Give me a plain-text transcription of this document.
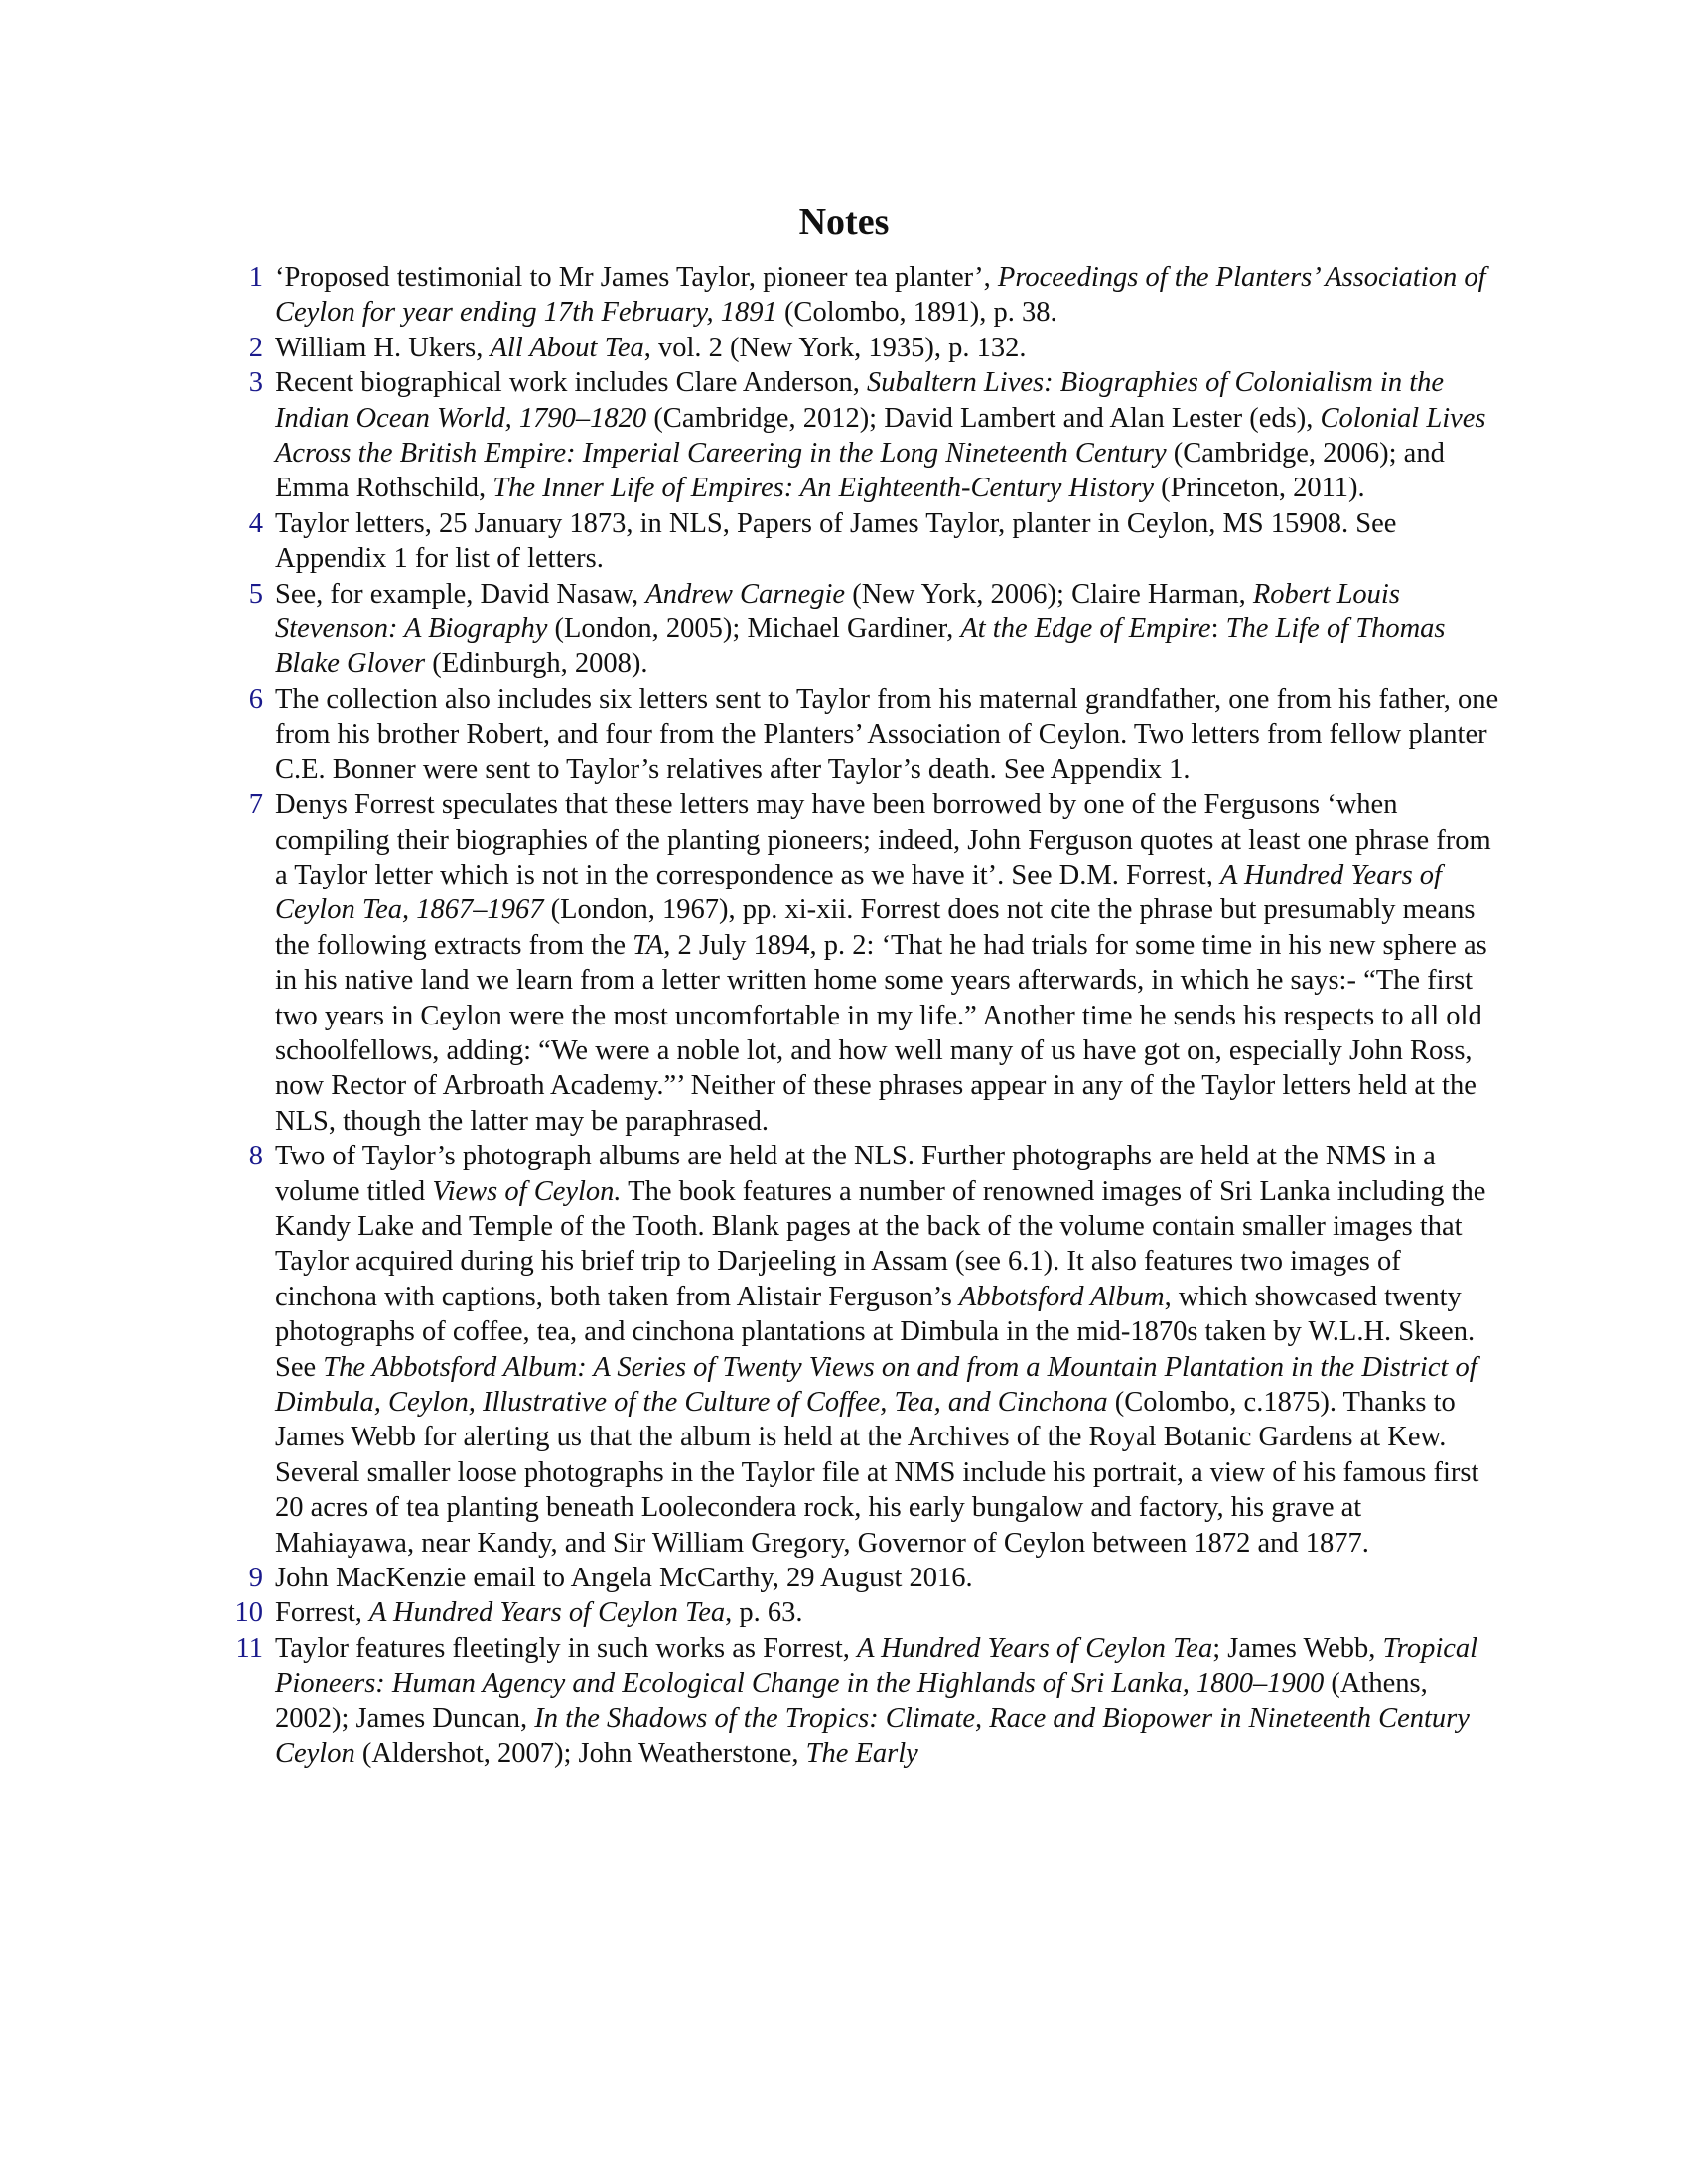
Notes
1 ‘Proposed testimonial to Mr James Taylor, pioneer tea planter’, Proceedings of the Planters’ Association of Ceylon for year ending 17th February, 1891 (Colombo, 1891), p. 38.
2 William H. Ukers, All About Tea, vol. 2 (New York, 1935), p. 132.
3 Recent biographical work includes Clare Anderson, Subaltern Lives: Biographies of Colonialism in the Indian Ocean World, 1790–1820 (Cambridge, 2012); David Lambert and Alan Lester (eds), Colonial Lives Across the British Empire: Imperial Careering in the Long Nineteenth Century (Cambridge, 2006); and Emma Rothschild, The Inner Life of Empires: An Eighteenth-Century History (Princeton, 2011).
4 Taylor letters, 25 January 1873, in NLS, Papers of James Taylor, planter in Ceylon, MS 15908. See Appendix 1 for list of letters.
5 See, for example, David Nasaw, Andrew Carnegie (New York, 2006); Claire Harman, Robert Louis Stevenson: A Biography (London, 2005); Michael Gardiner, At the Edge of Empire: The Life of Thomas Blake Glover (Edinburgh, 2008).
6 The collection also includes six letters sent to Taylor from his maternal grandfather, one from his father, one from his brother Robert, and four from the Planters’ Association of Ceylon. Two letters from fellow planter C.E. Bonner were sent to Taylor’s relatives after Taylor’s death. See Appendix 1.
7 Denys Forrest speculates that these letters may have been borrowed by one of the Fergusons ‘when compiling their biographies of the planting pioneers; indeed, John Ferguson quotes at least one phrase from a Taylor letter which is not in the correspondence as we have it’. See D.M. Forrest, A Hundred Years of Ceylon Tea, 1867–1967 (London, 1967), pp. xi-xii. Forrest does not cite the phrase but presumably means the following extracts from the TA, 2 July 1894, p. 2: ‘That he had trials for some time in his new sphere as in his native land we learn from a letter written home some years afterwards, in which he says:- “The first two years in Ceylon were the most uncomfortable in my life.” Another time he sends his respects to all old schoolfellows, adding: “We were a noble lot, and how well many of us have got on, especially John Ross, now Rector of Arbroath Academy.”’ Neither of these phrases appear in any of the Taylor letters held at the NLS, though the latter may be paraphrased.
8 Two of Taylor’s photograph albums are held at the NLS. Further photographs are held at the NMS in a volume titled Views of Ceylon. The book features a number of renowned images of Sri Lanka including the Kandy Lake and Temple of the Tooth. Blank pages at the back of the volume contain smaller images that Taylor acquired during his brief trip to Darjeeling in Assam (see 6.1). It also features two images of cinchona with captions, both taken from Alistair Ferguson’s Abbotsford Album, which showcased twenty photographs of coffee, tea, and cinchona plantations at Dimbula in the mid-1870s taken by W.L.H. Skeen. See The Abbotsford Album: A Series of Twenty Views on and from a Mountain Plantation in the District of Dimbula, Ceylon, Illustrative of the Culture of Coffee, Tea, and Cinchona (Colombo, c.1875). Thanks to James Webb for alerting us that the album is held at the Archives of the Royal Botanic Gardens at Kew. Several smaller loose photographs in the Taylor file at NMS include his portrait, a view of his famous first 20 acres of tea planting beneath Loolecondera rock, his early bungalow and factory, his grave at Mahiayawa, near Kandy, and Sir William Gregory, Governor of Ceylon between 1872 and 1877.
9 John MacKenzie email to Angela McCarthy, 29 August 2016.
10 Forrest, A Hundred Years of Ceylon Tea, p. 63.
11 Taylor features fleetingly in such works as Forrest, A Hundred Years of Ceylon Tea; James Webb, Tropical Pioneers: Human Agency and Ecological Change in the Highlands of Sri Lanka, 1800–1900 (Athens, 2002); James Duncan, In the Shadows of the Tropics: Climate, Race and Biopower in Nineteenth Century Ceylon (Aldershot, 2007); John Weatherstone, The Early
